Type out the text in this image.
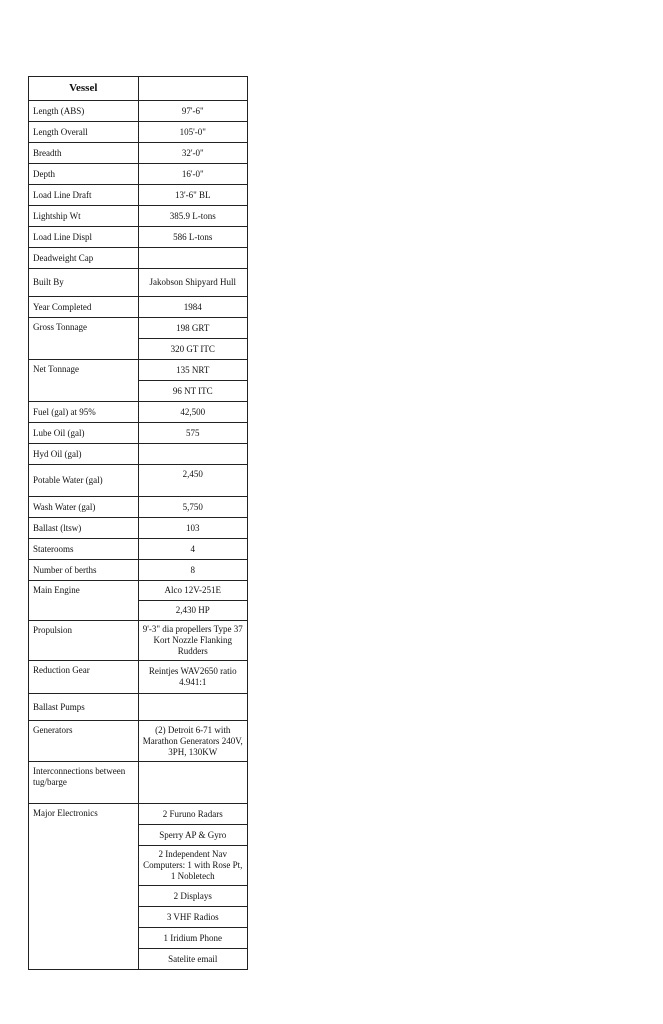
Vessel	
Length (ABS)	97'-6"
Length Overall	105'-0"
Breadth	32'-0"
Depth	16'-0"
Load Line Draft	13'-6" BL
Lightship Wt	385.9 L-tons
Load Line Displ	586 L-tons
Deadweight Cap	
Built By	Jakobson Shipyard Hull
Year Completed	1984
Gross Tonnage	198 GRT
	320 GT ITC
Net Tonnage	135 NRT
	96 NT ITC
Fuel (gal) at 95%	42,500
Lube Oil (gal)	575
Hyd Oil (gal)	
Potable Water (gal)	2,450
Wash Water (gal)	5,750
Ballast (ltsw)	103
Staterooms	4
Number of berths	8
Main Engine	Alco 12V-251E
	2,430 HP
Propulsion	9'-3" dia propellers Type 37 Kort Nozzle Flanking Rudders
Reduction Gear	Reintjes WAV2650 ratio 4.941:1
Ballast Pumps	
Generators	(2) Detroit 6-71 with Marathon Generators 240V, 3PH, 130KW
Interconnections between tug/barge	
Major Electronics	2 Furuno Radars
	Sperry AP & Gyro
	2 Independent Nav Computers: 1 with Rose Pt, 1 Nobletech
	2 Displays
	3 VHF Radios
	1 Iridium Phone
	Satelite email
